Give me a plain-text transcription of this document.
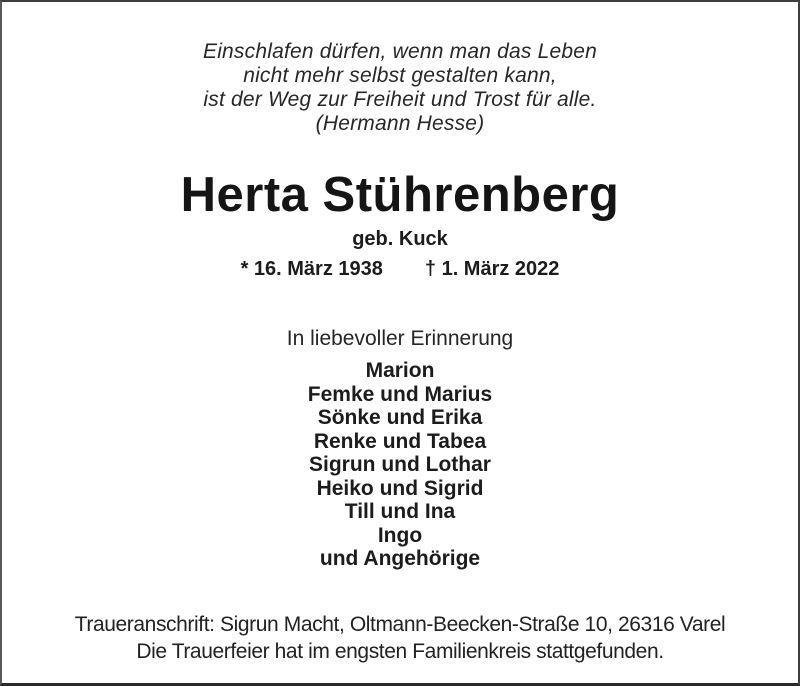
Einschlafen dürfen, wenn man das Leben
nicht mehr selbst gestalten kann,
ist der Weg zur Freiheit und Trost für alle.
(Hermann Hesse)
Herta Stührenberg
geb. Kuck
* 16. März 1938 † 1. März 2022
In liebevoller Erinnerung
Marion
Femke und Marius
Sönke und Erika
Renke und Tabea
Sigrun und Lothar
Heiko und Sigrid
Till und Ina
Ingo
und Angehörige
Traueranschrift: Sigrun Macht, Oltmann-Beecken-Straße 10, 26316 Varel
Die Trauerfeier hat im engsten Familienkreis stattgefunden.
